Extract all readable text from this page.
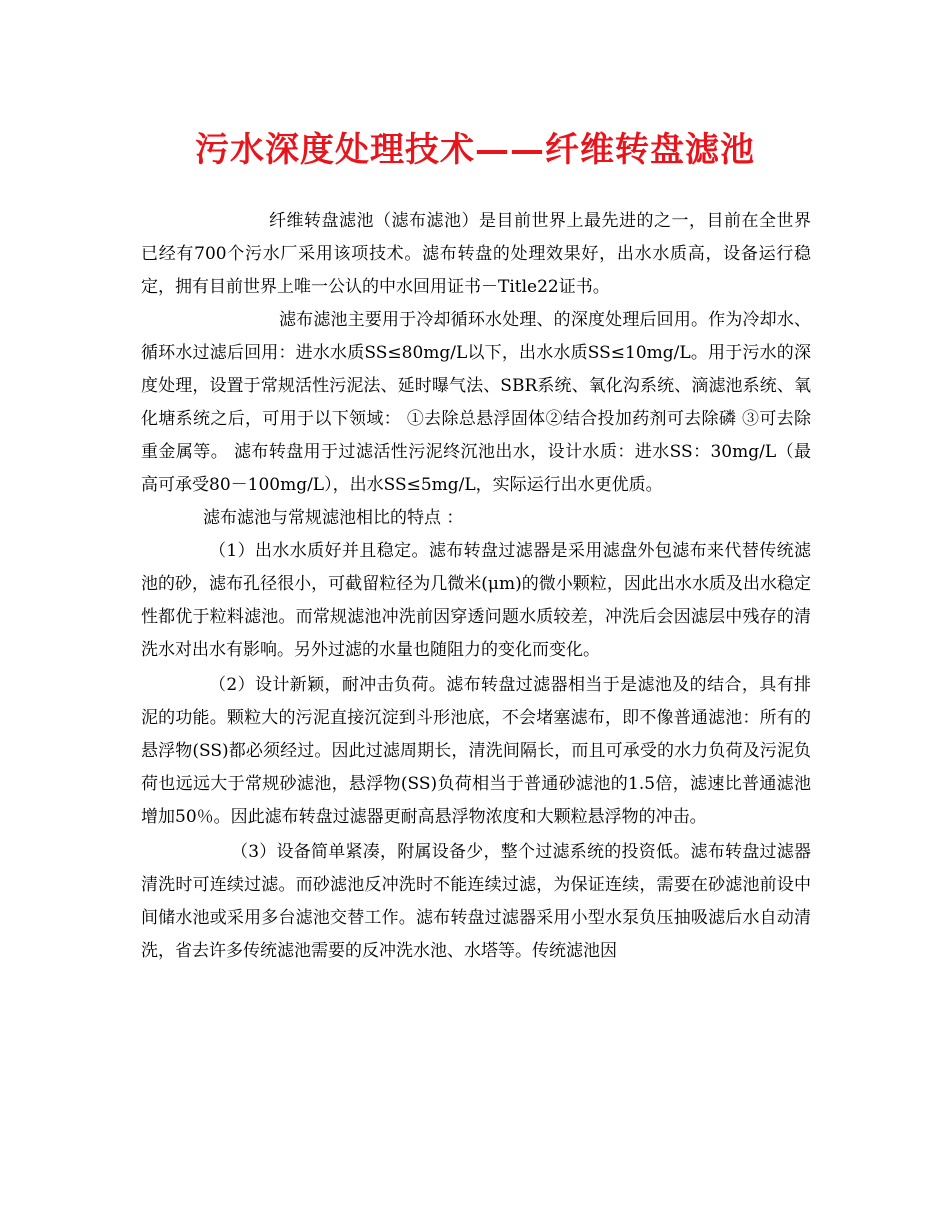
污水深度处理技术——纤维转盘滤池

纤维转盘滤池（滤布滤池）是目前世界上最先进的之一，目前在全世界已经有700个污水厂采用该项技术。滤布转盘的处理效果好，出水水质高，设备运行稳定，拥有目前世界上唯一公认的中水回用证书－Title22证书。

滤布滤池主要用于冷却循环水处理、的深度处理后回用。作为冷却水、循环水过滤后回用：进水水质SS≤80mg/L以下，出水水质SS≤10mg/L。用于污水的深度处理，设置于常规活性污泥法、延时曝气法、SBR系统、氧化沟系统、滴滤池系统、氧化塘系统之后，可用于以下领域： ①去除总悬浮固体②结合投加药剂可去除磷 ③可去除重金属等。 滤布转盘用于过滤活性污泥终沉池出水，设计水质：进水SS：30mg/L（最高可承受80－100mg/L），出水SS≤5mg/L，实际运行出水更优质。

滤布滤池与常规滤池相比的特点 ：

（1）出水水质好并且稳定。滤布转盘过滤器是采用滤盘外包滤布来代替传统滤池的砂，滤布孔径很小，可截留粒径为几微米(μm)的微小颗粒，因此出水水质及出水稳定性都优于粒料滤池。而常规滤池冲洗前因穿透问题水质较差，冲洗后会因滤层中残存的清洗水对出水有影响。另外过滤的水量也随阻力的变化而变化。

（2）设计新颖，耐冲击负荷。滤布转盘过滤器相当于是滤池及的结合，具有排泥的功能。颗粒大的污泥直接沉淀到斗形池底，不会堵塞滤布，即不像普通滤池：所有的悬浮物(SS)都必须经过。因此过滤周期长，清洗间隔长，而且可承受的水力负荷及污泥负荷也远远大于常规砂滤池，悬浮物(SS)负荷相当于普通砂滤池的1.5倍，滤速比普通滤池增加50％。因此滤布转盘过滤器更耐高悬浮物浓度和大颗粒悬浮物的冲击。

（3）设备简单紧凑，附属设备少，整个过滤系统的投资低。滤布转盘过滤器清洗时可连续过滤。而砂滤池反冲洗时不能连续过滤，为保证连续，需要在砂滤池前设中间储水池或采用多台滤池交替工作。滤布转盘过滤器采用小型水泵负压抽吸滤后水自动清洗，省去许多传统滤池需要的反冲洗水池、水塔等。传统滤池因
